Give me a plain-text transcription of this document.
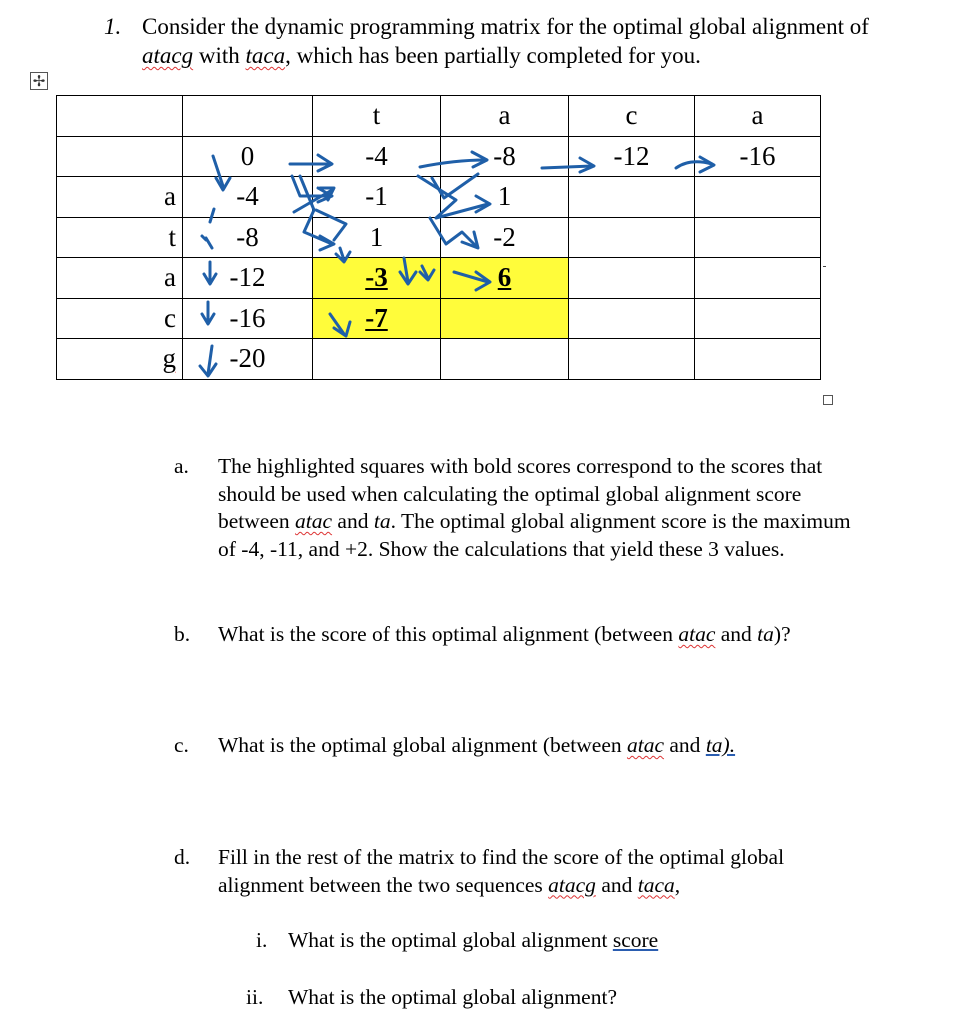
1. Consider the dynamic programming matrix for the optimal global alignment of
atacg with taca, which has been partially completed for you.
✢
		t	a	c	a
	0	-4	-8	-12	-16
a	-4	-1	1		
t	-8	1	-2		
a	-12	-3	6		
c	-16	-7			
g	-20				
a. The highlighted squares with bold scores correspond to the scores that
should be used when calculating the optimal global alignment score
between atac and ta. The optimal global alignment score is the maximum
of -4, -11, and +2. Show the calculations that yield these 3 values.
b. What is the score of this optimal alignment (between atac and ta)?
c. What is the optimal global alignment (between atac and ta).
d. Fill in the rest of the matrix to find the score of the optimal global
alignment between the two sequences atacg and taca,
i. What is the optimal global alignment score
ii. What is the optimal global alignment?
